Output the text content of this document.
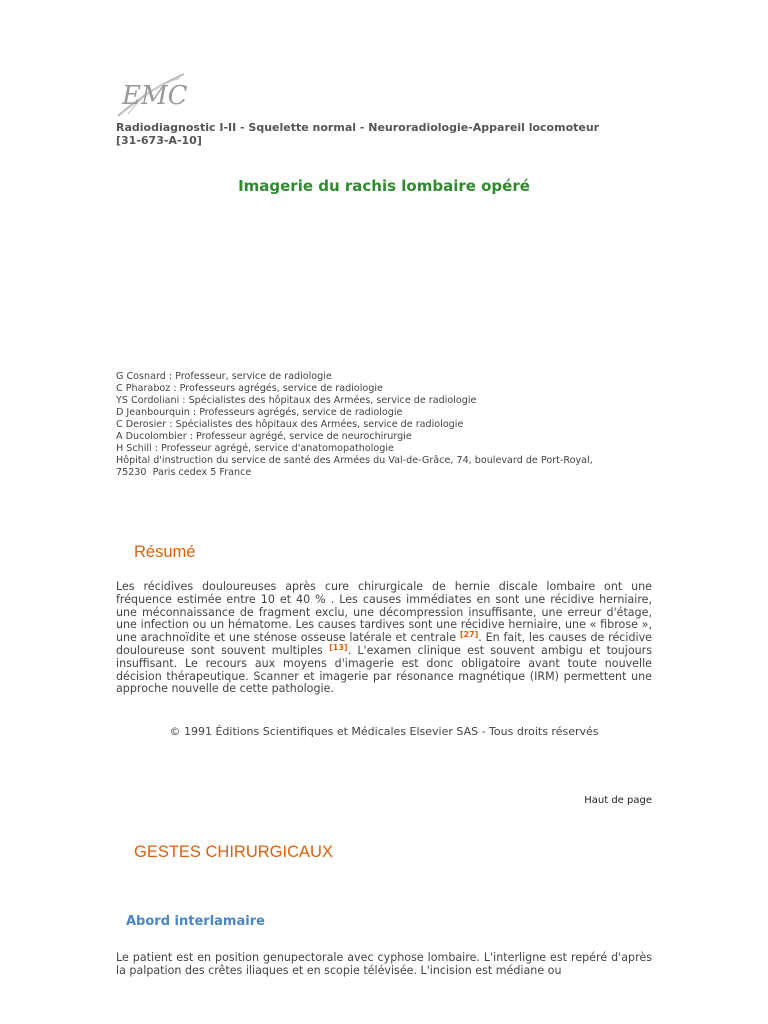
EMC
Radiodiagnostic I-II - Squelette normal - Neuroradiologie-Appareil locomoteur
[31-673-A-10]
Imagerie du rachis lombaire opéré
G Cosnard : Professeur, service de radiologie
C Pharaboz : Professeurs agrégés, service de radiologie
YS Cordoliani : Spécialistes des hôpitaux des Armées, service de radiologie
D Jeanbourquin : Professeurs agrégés, service de radiologie
C Derosier : Spécialistes des hôpitaux des Armées, service de radiologie
A Ducolombier : Professeur agrégé, service de neurochirurgie
H Schill : Professeur agrégé, service d'anatomopathologie
Hôpital d'instruction du service de santé des Armées du Val-de-Grâce, 74, boulevard de Port-Royal,
75230  Paris cedex 5 France
Résumé
Les récidives douloureuses après cure chirurgicale de hernie discale lombaire ont une fréquence estimée entre 10 et 40 % . Les causes immédiates en sont une récidive herniaire, une méconnaissance de fragment exclu, une décompression insuffisante, une erreur d'étage, une infection ou un hématome. Les causes tardives sont une récidive herniaire, une « fibrose », une arachnoïdite et une sténose osseuse latérale et centrale [27]. En fait, les causes de récidive douloureuse sont souvent multiples [13]. L'examen clinique est souvent ambigu et toujours insuffisant. Le recours aux moyens d'imagerie est donc obligatoire avant toute nouvelle décision thérapeutique. Scanner et imagerie par résonance magnétique (IRM) permettent une approche nouvelle de cette pathologie.
© 1991 Éditions Scientifiques et Médicales Elsevier SAS - Tous droits réservés
Haut de page
GESTES CHIRURGICAUX
Abord interlamaire
Le patient est en position genupectorale avec cyphose lombaire. L'interligne est repéré d'après la palpation des crêtes iliaques et en scopie télévisée. L'incision est médiane ou
